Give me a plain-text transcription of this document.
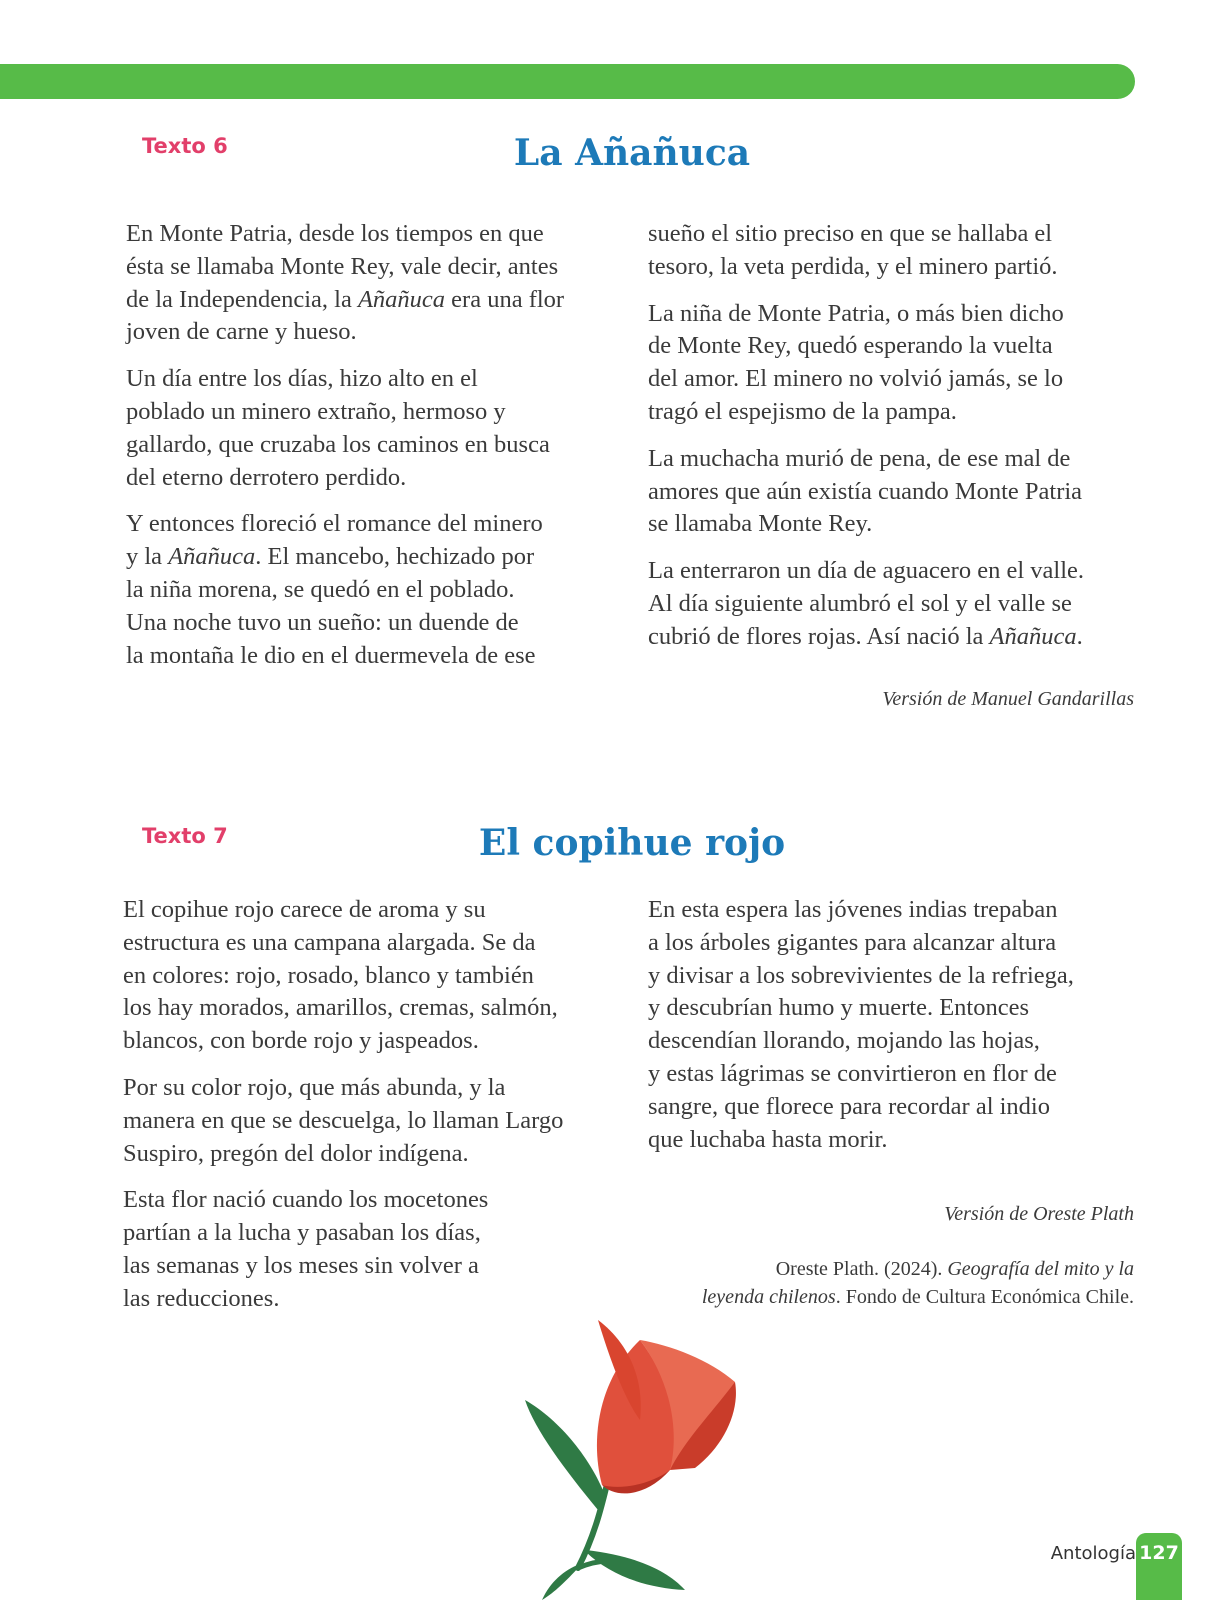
Texto 6	La Añañuca

En Monte Patria, desde los tiempos en que
ésta se llamaba Monte Rey, vale decir, antes
de la Independencia, la Añañuca era una flor
joven de carne y hueso.

Un día entre los días, hizo alto en el
poblado un minero extraño, hermoso y
gallardo, que cruzaba los caminos en busca
del eterno derrotero perdido.

Y entonces floreció el romance del minero
y la Añañuca. El mancebo, hechizado por
la niña morena, se quedó en el poblado.
Una noche tuvo un sueño: un duende de
la montaña le dio en el duermevela de ese

sueño el sitio preciso en que se hallaba el
tesoro, la veta perdida, y el minero partió.

La niña de Monte Patria, o más bien dicho
de Monte Rey, quedó esperando la vuelta
del amor. El minero no volvió jamás, se lo
tragó el espejismo de la pampa.

La muchacha murió de pena, de ese mal de
amores que aún existía cuando Monte Patria
se llamaba Monte Rey.

La enterraron un día de aguacero en el valle.
Al día siguiente alumbró el sol y el valle se
cubrió de flores rojas. Así nació la Añañuca.

Versión de Manuel Gandarillas
Texto 7	El copihue rojo

El copihue rojo carece de aroma y su
estructura es una campana alargada. Se da
en colores: rojo, rosado, blanco y también
los hay morados, amarillos, cremas, salmón,
blancos, con borde rojo y jaspeados.

Por su color rojo, que más abunda, y la
manera en que se descuelga, lo llaman Largo
Suspiro, pregón del dolor indígena.

Esta flor nació cuando los mocetones
partían a la lucha y pasaban los días,
las semanas y los meses sin volver a
las reducciones.

En esta espera las jóvenes indias trepaban
a los árboles gigantes para alcanzar altura
y divisar a los sobrevivientes de la refriega,
y descubrían humo y muerte. Entonces
descendían llorando, mojando las hojas,
y estas lágrimas se convirtieron en flor de
sangre, que florece para recordar al indio
que luchaba hasta morir.

Versión de Oreste Plath
Oreste Plath. (2024). Geografía del mito y la
leyenda chilenos. Fondo de Cultura Económica Chile.
Antología 127
